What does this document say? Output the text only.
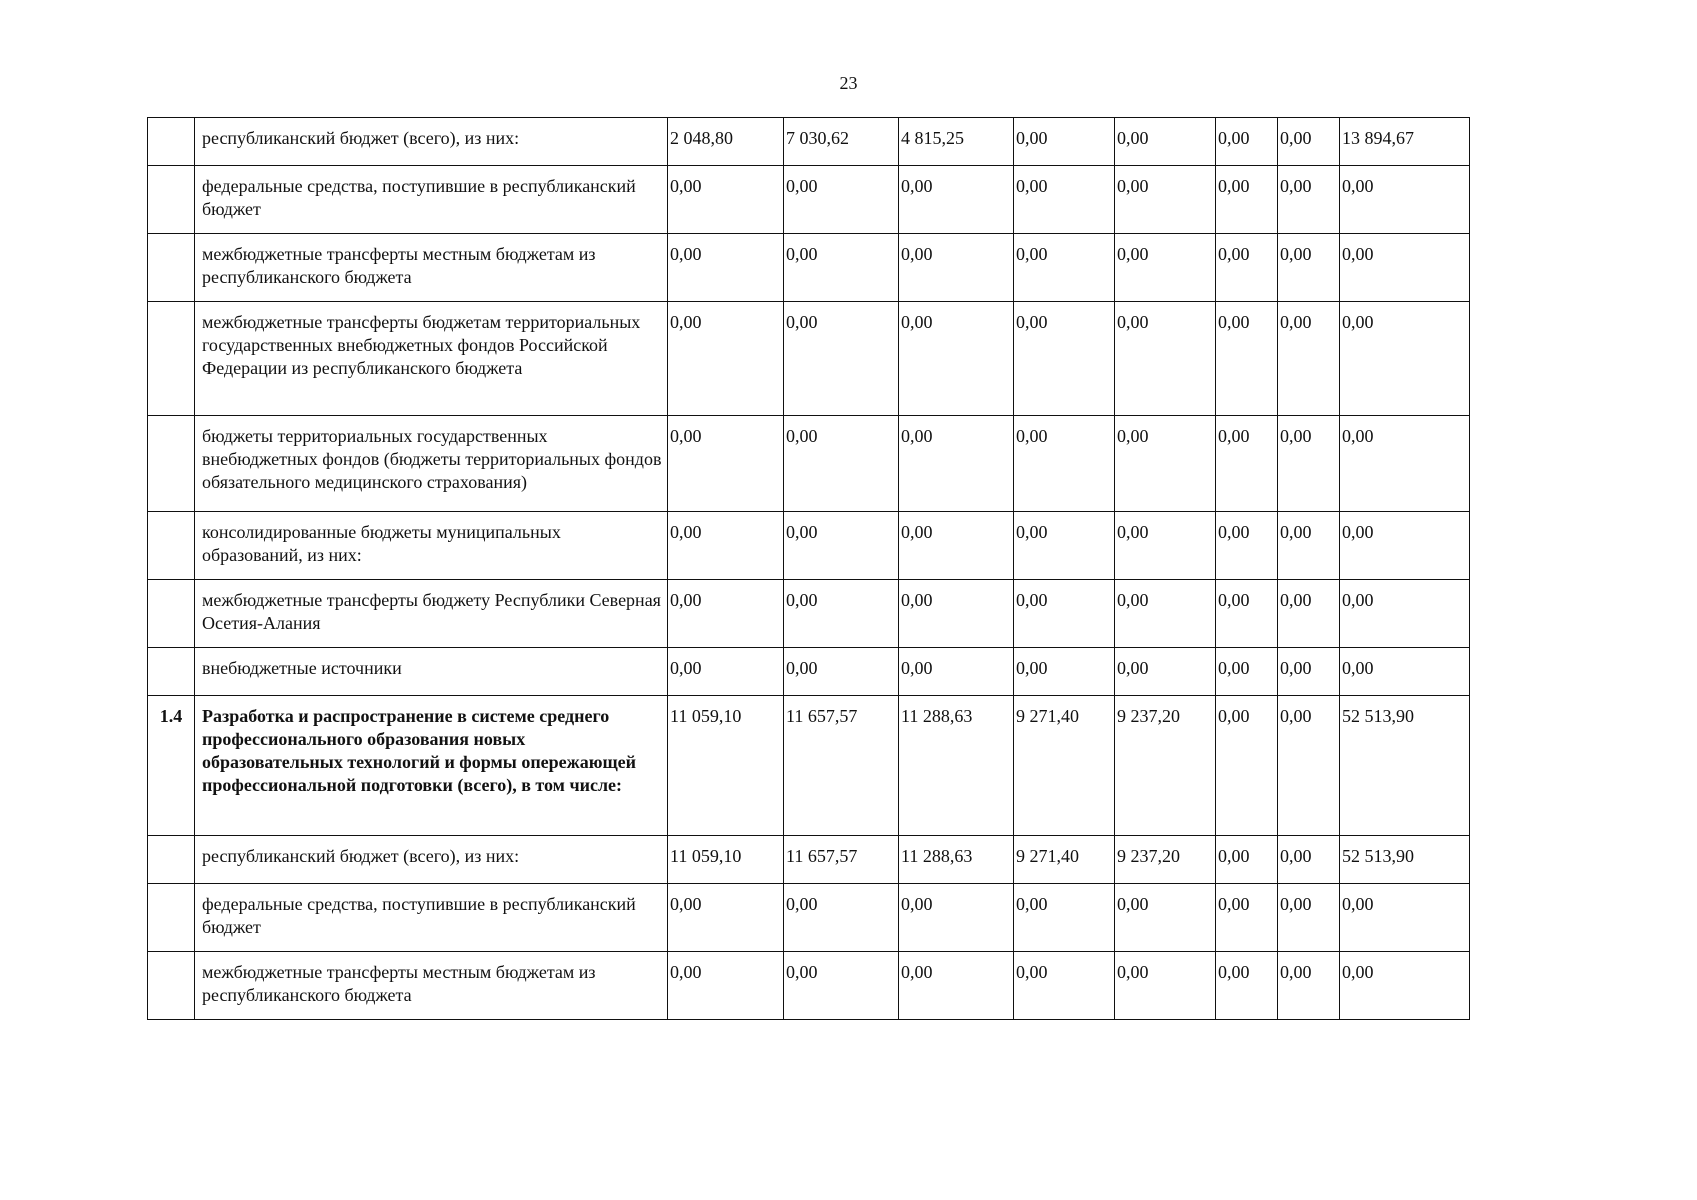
23
	республиканский бюджет (всего), из них:	2 048,80	7 030,62	4 815,25	0,00	0,00	0,00	0,00	13 894,67
	федеральные средства, поступившие в республиканский бюджет	0,00	0,00	0,00	0,00	0,00	0,00	0,00	0,00
	межбюджетные трансферты местным бюджетам из республиканского бюджета	0,00	0,00	0,00	0,00	0,00	0,00	0,00	0,00
	межбюджетные трансферты бюджетам территориальных государственных внебюджетных фондов Российской Федерации из республиканского бюджета	0,00	0,00	0,00	0,00	0,00	0,00	0,00	0,00
	бюджеты территориальных государственных внебюджетных фондов (бюджеты территориальных фондов обязательного медицинского страхования)	0,00	0,00	0,00	0,00	0,00	0,00	0,00	0,00
	консолидированные бюджеты муниципальных образований, из них:	0,00	0,00	0,00	0,00	0,00	0,00	0,00	0,00
	межбюджетные трансферты бюджету Республики Северная Осетия-Алания	0,00	0,00	0,00	0,00	0,00	0,00	0,00	0,00
	внебюджетные источники	0,00	0,00	0,00	0,00	0,00	0,00	0,00	0,00
1.4	Разработка и распространение в системе среднего профессионального образования новых образовательных технологий и формы опережающей профессиональной подготовки (всего), в том числе:	11 059,10	11 657,57	11 288,63	9 271,40	9 237,20	0,00	0,00	52 513,90
	республиканский бюджет (всего), из них:	11 059,10	11 657,57	11 288,63	9 271,40	9 237,20	0,00	0,00	52 513,90
	федеральные средства, поступившие в республиканский бюджет	0,00	0,00	0,00	0,00	0,00	0,00	0,00	0,00
	межбюджетные трансферты местным бюджетам из республиканского бюджета	0,00	0,00	0,00	0,00	0,00	0,00	0,00	0,00
